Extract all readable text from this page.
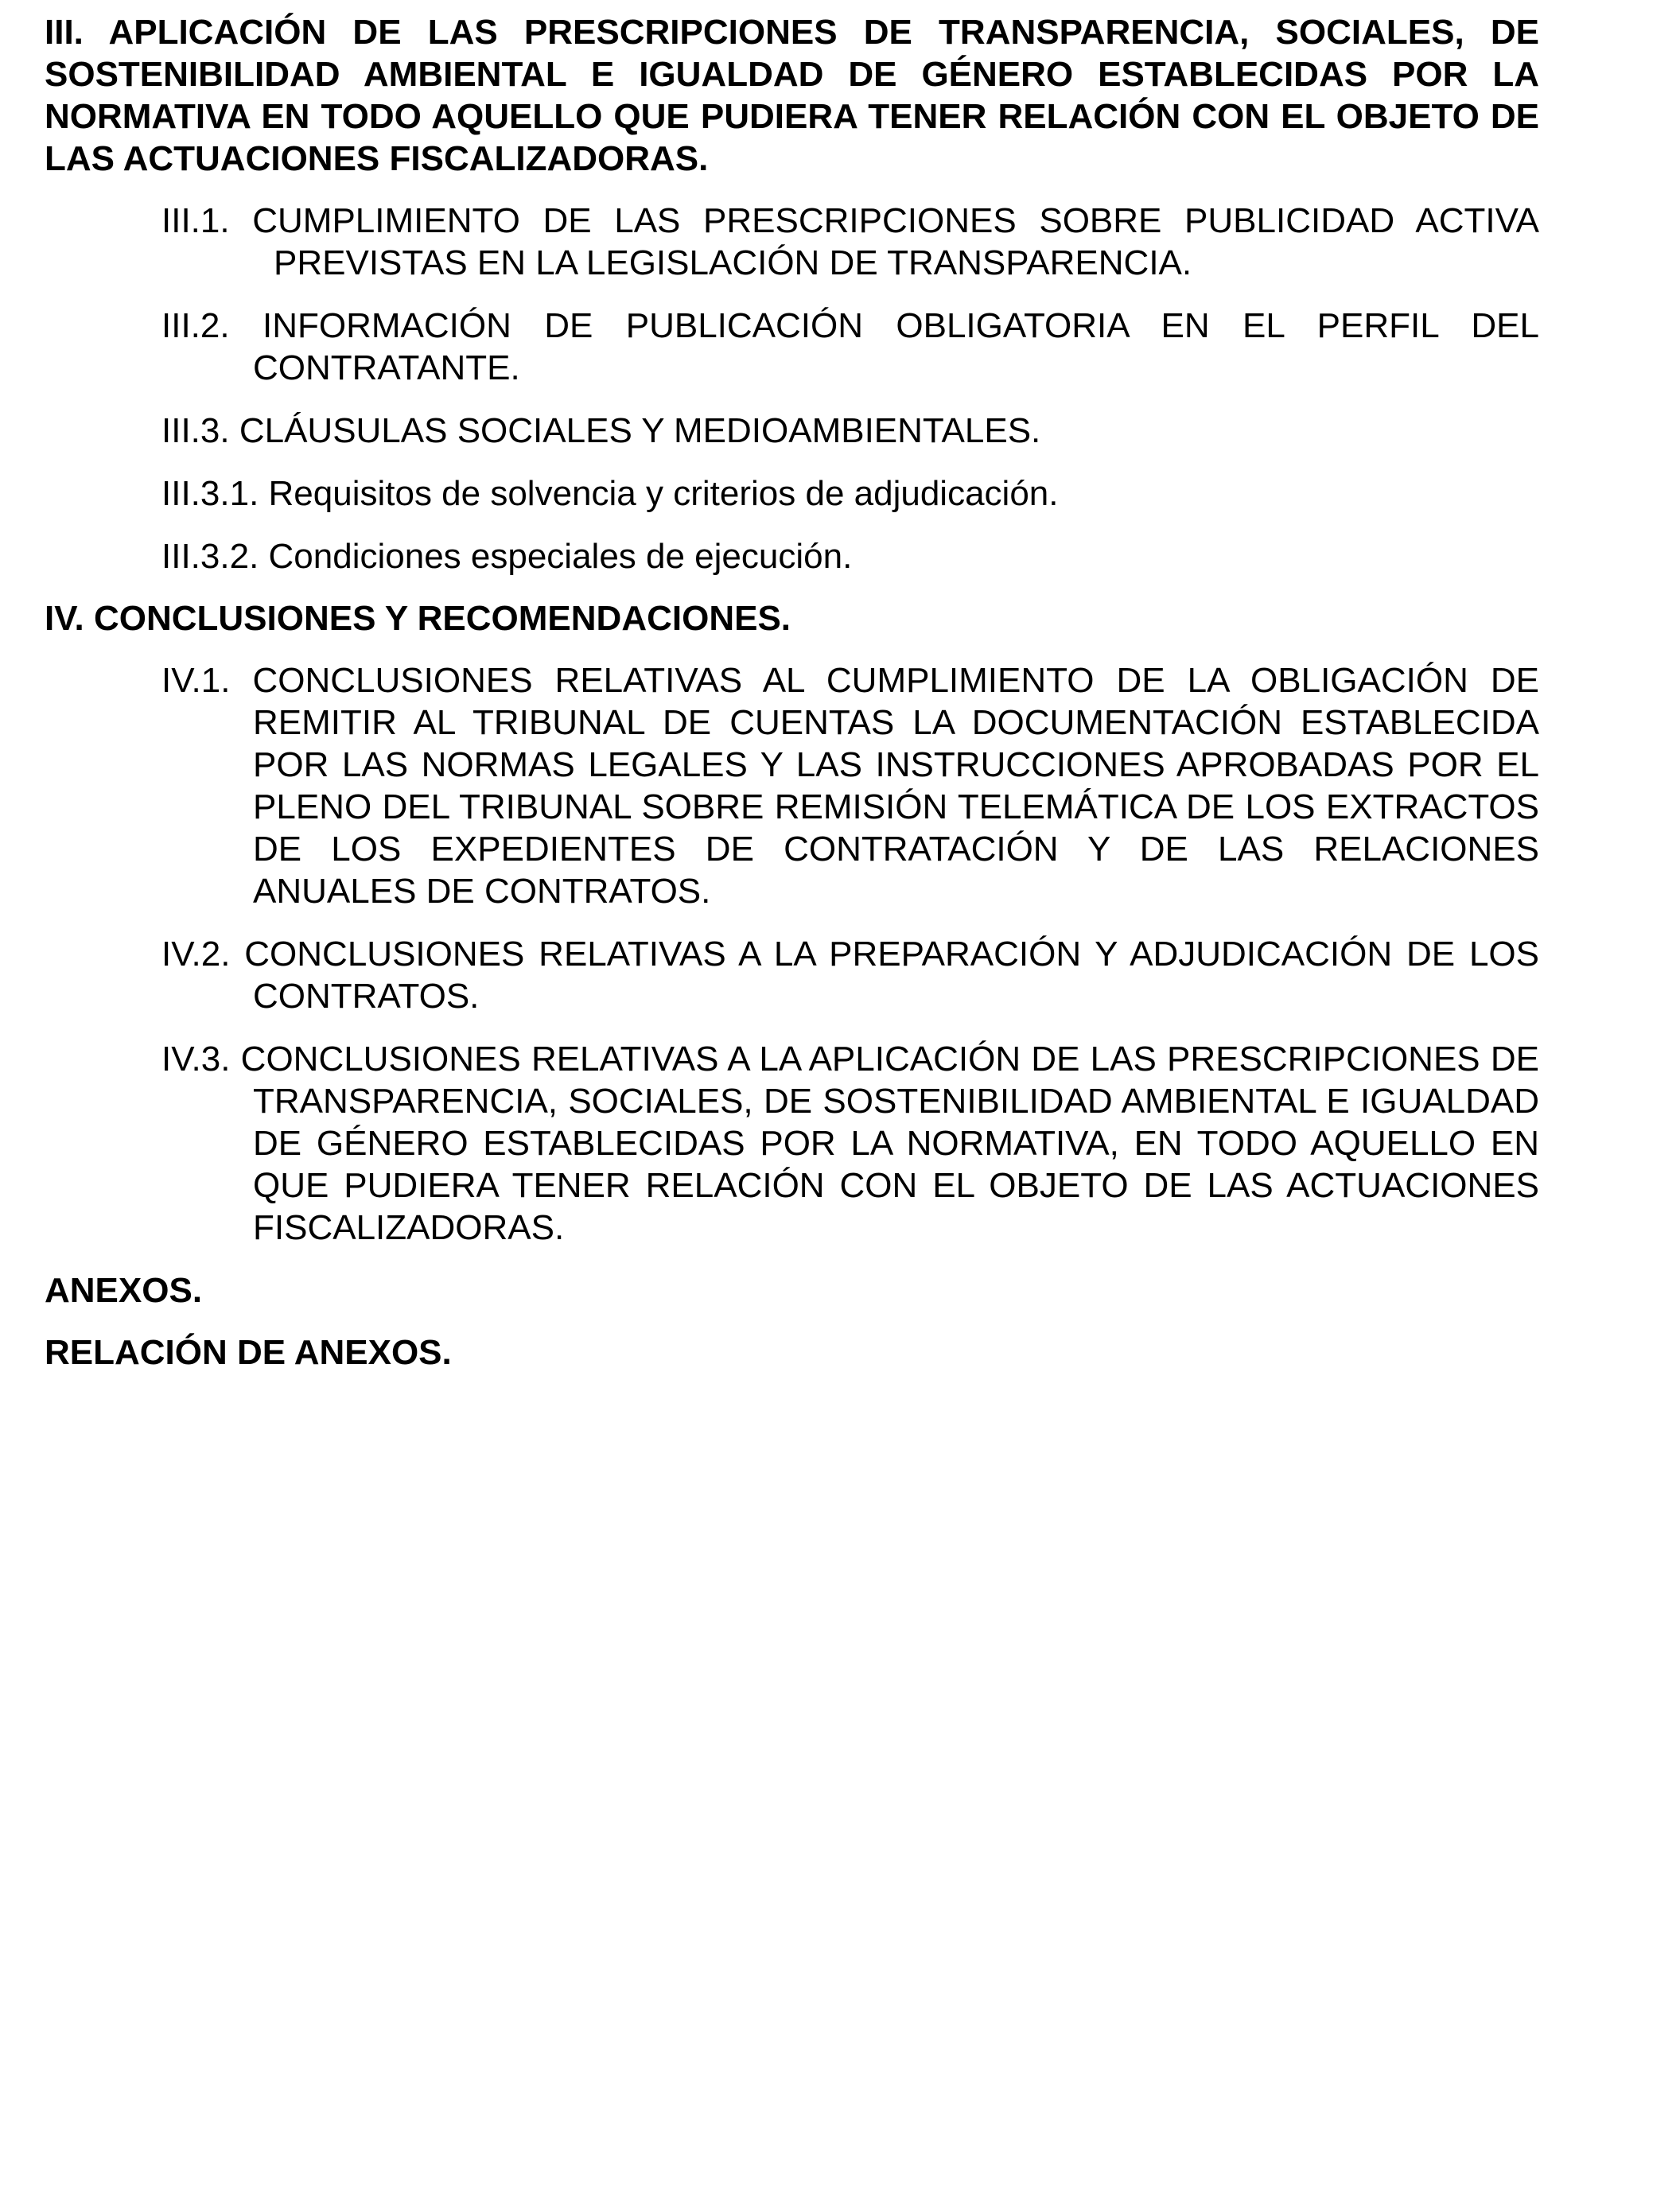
III. APLICACIÓN DE LAS PRESCRIPCIONES DE TRANSPARENCIA, SOCIALES, DE SOSTENIBILIDAD AMBIENTAL E IGUALDAD DE GÉNERO ESTABLECIDAS POR LA NORMATIVA EN TODO AQUELLO QUE PUDIERA TENER RELACIÓN CON EL OBJETO DE LAS ACTUACIONES FISCALIZADORAS.
III.1. CUMPLIMIENTO DE LAS PRESCRIPCIONES SOBRE PUBLICIDAD ACTIVA PREVISTAS EN LA LEGISLACIÓN DE TRANSPARENCIA.
III.2. INFORMACIÓN DE PUBLICACIÓN OBLIGATORIA EN EL PERFIL DEL CONTRATANTE.
III.3. CLÁUSULAS SOCIALES Y MEDIOAMBIENTALES.
III.3.1. Requisitos de solvencia y criterios de adjudicación.
III.3.2. Condiciones especiales de ejecución.
IV. CONCLUSIONES Y RECOMENDACIONES.
IV.1. CONCLUSIONES RELATIVAS AL CUMPLIMIENTO DE LA OBLIGACIÓN DE REMITIR AL TRIBUNAL DE CUENTAS LA DOCUMENTACIÓN ESTABLECIDA POR LAS NORMAS LEGALES Y LAS INSTRUCCIONES APROBADAS POR EL PLENO DEL TRIBUNAL SOBRE REMISIÓN TELEMÁTICA DE LOS EXTRACTOS DE LOS EXPEDIENTES DE CONTRATACIÓN Y DE LAS RELACIONES ANUALES DE CONTRATOS.
IV.2. CONCLUSIONES RELATIVAS A LA PREPARACIÓN Y ADJUDICACIÓN DE LOS CONTRATOS.
IV.3. CONCLUSIONES RELATIVAS A LA APLICACIÓN DE LAS PRESCRIPCIONES DE TRANSPARENCIA, SOCIALES, DE SOSTENIBILIDAD AMBIENTAL E IGUALDAD DE GÉNERO ESTABLECIDAS POR LA NORMATIVA, EN TODO AQUELLO EN QUE PUDIERA TENER RELACIÓN CON EL OBJETO DE LAS ACTUACIONES FISCALIZADORAS.
ANEXOS.
RELACIÓN DE ANEXOS.
